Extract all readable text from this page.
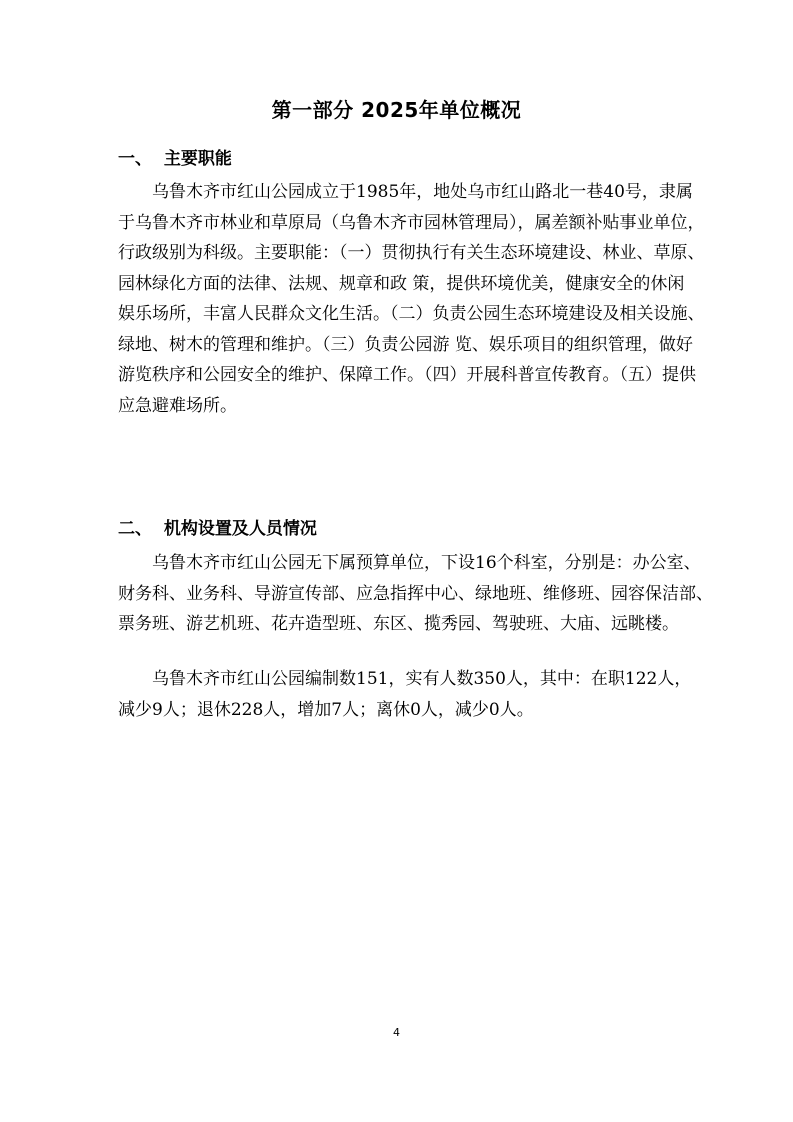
第一部分 2025年单位概况
一、  主要职能
乌鲁木齐市红山公园成立于1985年，地处乌市红山路北一巷40号，隶属
于乌鲁木齐市林业和草原局（乌鲁木齐市园林管理局），属差额补贴事业单位，
行政级别为科级。主要职能：（一）贯彻执行有关生态环境建设、林业、草原、
园林绿化方面的法律、法规、规章和政 策，提供环境优美，健康安全的休闲
娱乐场所，丰富人民群众文化生活。（二）负责公园生态环境建设及相关设施、
绿地、树木的管理和维护。（三）负责公园游 览、娱乐项目的组织管理，做好
游览秩序和公园安全的维护、保障工作。（四）开展科普宣传教育。（五）提供
应急避难场所。
二、  机构设置及人员情况
乌鲁木齐市红山公园无下属预算单位，下设16个科室，分别是：办公室、
财务科、业务科、导游宣传部、应急指挥中心、绿地班、维修班、园容保洁部、
票务班、游艺机班、花卉造型班、东区、揽秀园、驾驶班、大庙、远眺楼。
乌鲁木齐市红山公园编制数151，实有人数350人，其中：在职122人，
减少9人；退休228人，增加7人；离休0人，减少0人。
4
